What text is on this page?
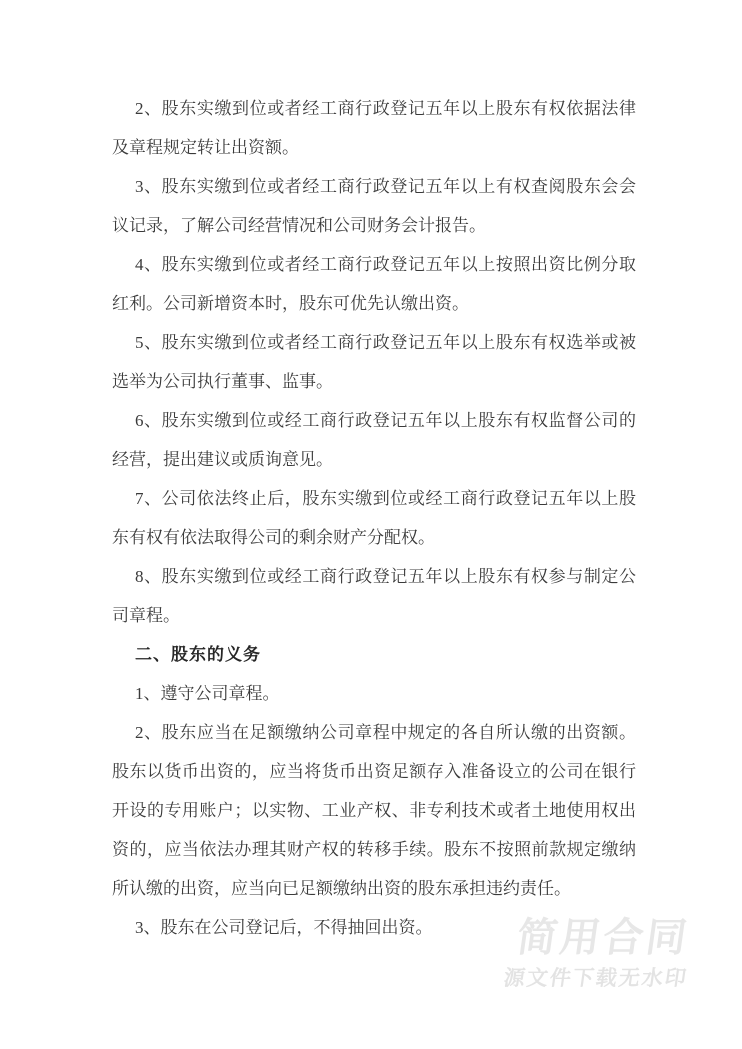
2、股东实缴到位或者经工商行政登记五年以上股东有权依据法律
及章程规定转让出资额。
3、股东实缴到位或者经工商行政登记五年以上有权查阅股东会会
议记录，了解公司经营情况和公司财务会计报告。
4、股东实缴到位或者经工商行政登记五年以上按照出资比例分取
红利。公司新增资本时，股东可优先认缴出资。
5、股东实缴到位或者经工商行政登记五年以上股东有权选举或被
选举为公司执行董事、监事。
6、股东实缴到位或经工商行政登记五年以上股东有权监督公司的
经营，提出建议或质询意见。
7、公司依法终止后，股东实缴到位或经工商行政登记五年以上股
东有权有依法取得公司的剩余财产分配权。
8、股东实缴到位或经工商行政登记五年以上股东有权参与制定公
司章程。
二、股东的义务
1、遵守公司章程。
2、股东应当在足额缴纳公司章程中规定的各自所认缴的出资额。
股东以货币出资的，应当将货币出资足额存入准备设立的公司在银行
开设的专用账户；以实物、工业产权、非专利技术或者土地使用权出
资的，应当依法办理其财产权的转移手续。股东不按照前款规定缴纳
所认缴的出资，应当向已足额缴纳出资的股东承担违约责任。
3、股东在公司登记后，不得抽回出资。	简用合同
源文件下载无水印
